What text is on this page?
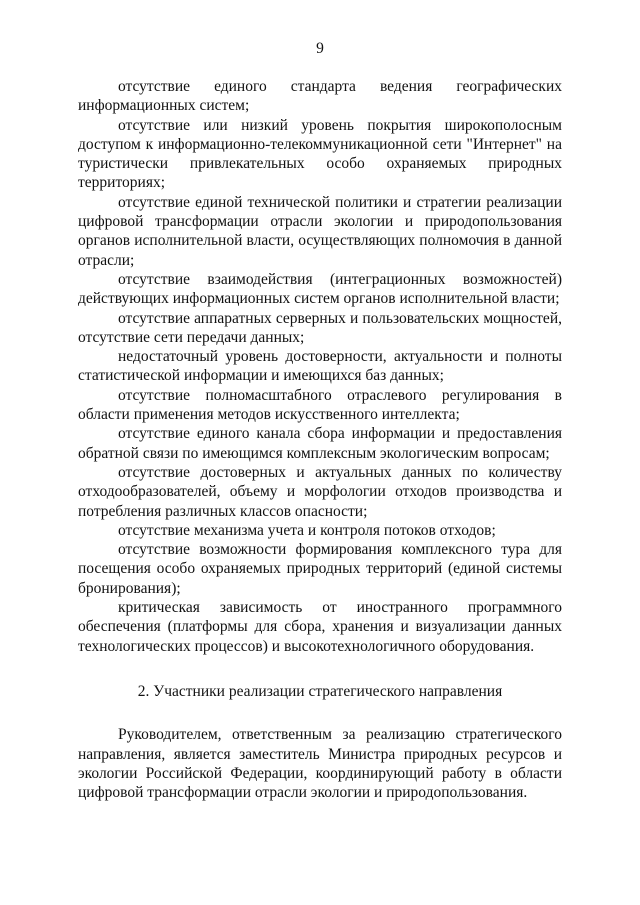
9

отсутствие единого стандарта ведения географических информационных систем;

отсутствие или низкий уровень покрытия широкополосным доступом к информационно-телекоммуникационной сети "Интернет" на туристически привлекательных особо охраняемых природных территориях;

отсутствие единой технической политики и стратегии реализации цифровой трансформации отрасли экологии и природопользования органов исполнительной власти, осуществляющих полномочия в данной отрасли;

отсутствие взаимодействия (интеграционных возможностей) действующих информационных систем органов исполнительной власти;

отсутствие аппаратных серверных и пользовательских мощностей, отсутствие сети передачи данных;

недостаточный уровень достоверности, актуальности и полноты статистической информации и имеющихся баз данных;

отсутствие полномасштабного отраслевого регулирования в области применения методов искусственного интеллекта;

отсутствие единого канала сбора информации и предоставления обратной связи по имеющимся комплексным экологическим вопросам;

отсутствие достоверных и актуальных данных по количеству отходообразователей, объему и морфологии отходов производства и потребления различных классов опасности;

отсутствие механизма учета и контроля потоков отходов;

отсутствие возможности формирования комплексного тура для посещения особо охраняемых природных территорий (единой системы бронирования);

критическая зависимость от иностранного программного обеспечения (платформы для сбора, хранения и визуализации данных технологических процессов) и высокотехнологичного оборудования.

2. Участники реализации стратегического направления

Руководителем, ответственным за реализацию стратегического направления, является заместитель Министра природных ресурсов и экологии Российской Федерации, координирующий работу в области цифровой трансформации отрасли экологии и природопользования.
